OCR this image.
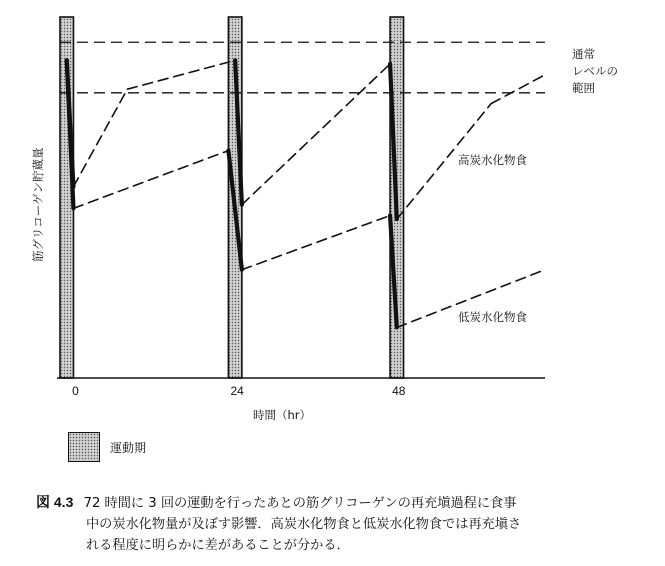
0	24	48
時間（hr）
筋グリコーゲン貯蔵量
通常
レベルの
範囲
高炭水化物食
低炭水化物食
運動期
図 4.3 72 時間に 3 回の運動を行ったあとの筋グリコーゲンの再充塡過程に食事
中の炭水化物量が及ぼす影響．高炭水化物食と低炭水化物食では再充塡さ
れる程度に明らかに差があることが分かる．
